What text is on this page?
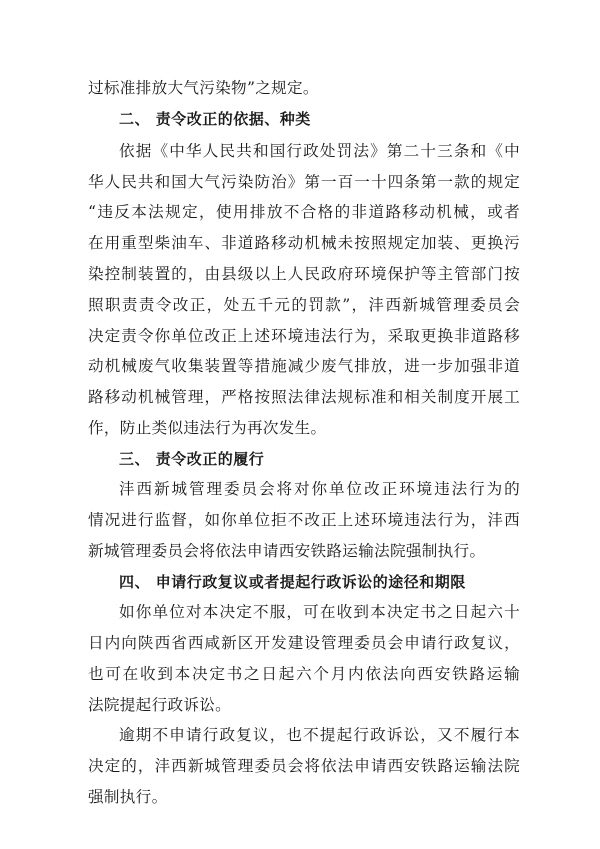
过标准排放大气污染物”之规定。
二、 责令改正的依据、种类
依据《中华人民共和国行政处罚法》第二十三条和《中
华人民共和国大气污染防治》第一百一十四条第一款的规定
“违反本法规定，使用排放不合格的非道路移动机械，或者
在用重型柴油车、非道路移动机械未按照规定加装、更换污
染控制装置的，由县级以上人民政府环境保护等主管部门按
照职责责令改正，处五千元的罚款”，沣西新城管理委员会
决定责令你单位改正上述环境违法行为，采取更换非道路移
动机械废气收集装置等措施减少废气排放，进一步加强非道
路移动机械管理，严格按照法律法规标准和相关制度开展工
作，防止类似违法行为再次发生。
三、 责令改正的履行
沣西新城管理委员会将对你单位改正环境违法行为的
情况进行监督，如你单位拒不改正上述环境违法行为，沣西
新城管理委员会将依法申请西安铁路运输法院强制执行。
四、 申请行政复议或者提起行政诉讼的途径和期限
如你单位对本决定不服，可在收到本决定书之日起六十
日内向陕西省西咸新区开发建设管理委员会申请行政复议，
也可在收到本决定书之日起六个月内依法向西安铁路运输
法院提起行政诉讼。
逾期不申请行政复议，也不提起行政诉讼，又不履行本
决定的，沣西新城管理委员会将依法申请西安铁路运输法院
强制执行。
